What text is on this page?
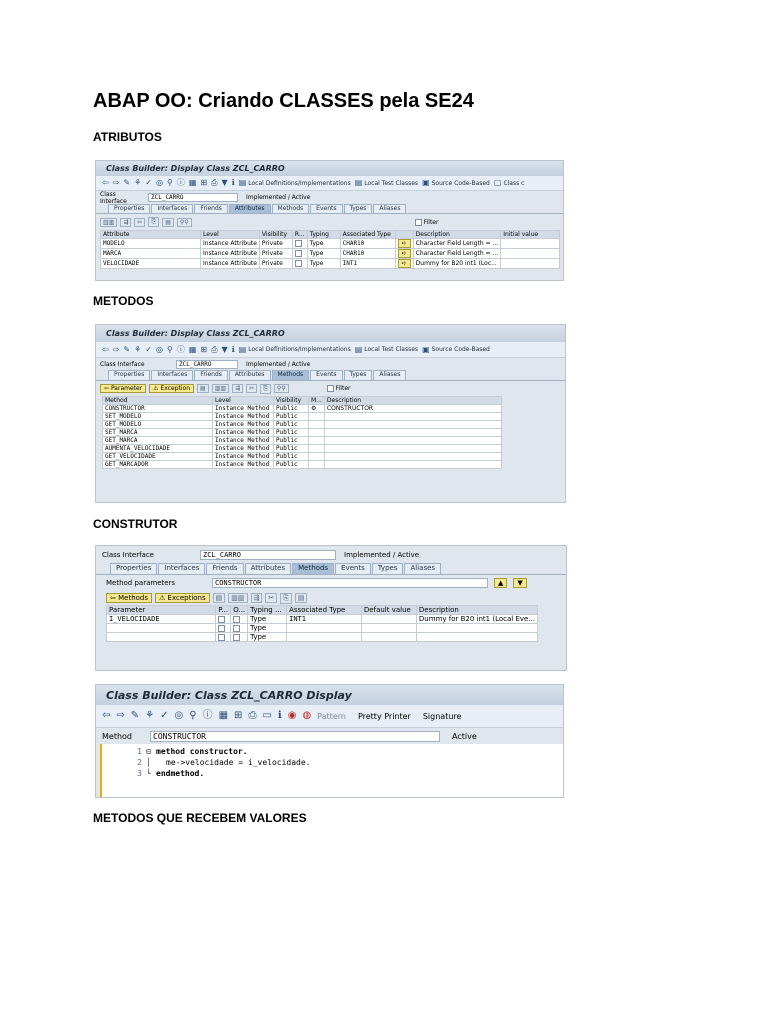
ABAP OO: Criando CLASSES pela SE24
ATRIBUTOS
Class Builder: Display Class ZCL_CARRO
⇦ ⇨ ✎ ⚘ ✓ ◎ ⚲ ⓘ ▦ ⊞ ⎙ ▼ ℹ ▤ Local Definitions/Implementations ▤ Local Test Classes ▣ Source Code-Based ▢ Class c
Class Interface	ZCL_CARRO	Implemented / Active
Properties	Interfaces	Friends	Attributes	Methods	Events	Types	Aliases
▥▥	⇶	✂	⎘	▤	⚲⚲	Filter
Attribute	Level	Visibility	R...	Typing	Associated Type		Description	Initial value
MODELO	Instance Attribute	Private		Type	CHAR10	➪	Character Field Length = ...	
MARCA	Instance Attribute	Private		Type	CHAR10	➪	Character Field Length = ...	
VELOCIDADE	Instance Attribute	Private		Type	INT1	➪	Dummy for B20 int1 (Loc...	
METODOS
Class Builder: Display Class ZCL_CARRO
⇦ ⇨ ✎ ⚘ ✓ ◎ ⚲ ⓘ ▦ ⊞ ⎙ ▼ ℹ ▤ Local Definitions/Implementations ▤ Local Test Classes ▣ Source Code-Based
Class Interface	ZCL_CARRO	Implemented / Active
Properties	Interfaces	Friends	Attributes	Methods	Events	Types	Aliases
⇦ Parameter	⚠ Exception	▤	▥▥	⇶	✂	⎘	⚲⚲	Filter
Method	Level	Visibility	M...	Description
CONSTRUCTOR	Instance Method	Public	⚙	CONSTRUCTOR
SET_MODELO	Instance Method	Public		
GET_MODELO	Instance Method	Public		
SET_MARCA	Instance Method	Public		
GET_MARCA	Instance Method	Public		
AUMENTA_VELOCIDADE	Instance Method	Public		
GET_VELOCIDADE	Instance Method	Public		
GET_MARCADOR	Instance Method	Public		
CONSTRUTOR
Class Interface	ZCL_CARRO	Implemented / Active
Properties	Interfaces	Friends	Attributes	Methods	Events	Types	Aliases
Method parameters	CONSTRUCTOR	▲	▼
⇦ Methods	⚠ Exceptions	▤	▥▥	⇶	✂	⎘	▤
Parameter	P...	O...	Typing ...	Associated Type	Default value	Description
I_VELOCIDADE			Type	INT1		Dummy for B20 int1 (Local Eve...
			Type			
			Type			
Class Builder: Class ZCL_CARRO Display
⇦ ⇨ ✎ ⚘ ✓ ◎ ⚲ ⓘ ▦ ⊞ ⎙ ▭ ℹ ◉ ◍ Pattern Pretty Printer Signature
Method	CONSTRUCTOR	Active
1
2
3
⊟
│
└
method constructor.
me->velocidade = i_velocidade.
endmethod.
METODOS QUE RECEBEM VALORES
